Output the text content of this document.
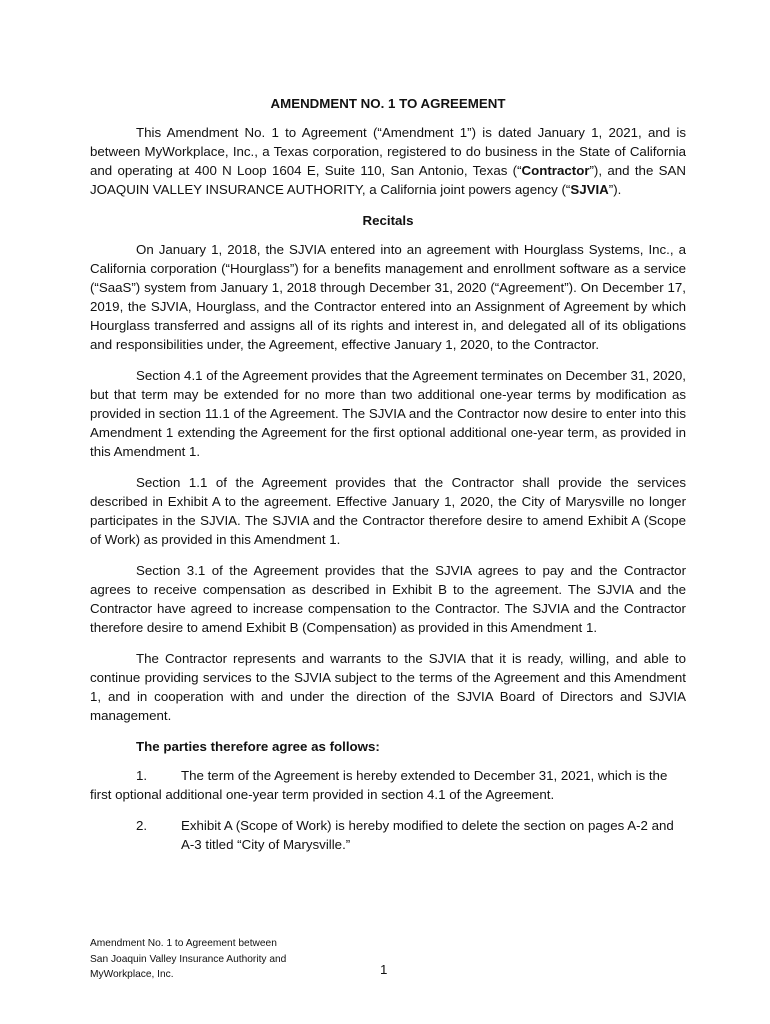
AMENDMENT NO. 1 TO AGREEMENT

This Amendment No. 1 to Agreement (“Amendment 1”) is dated January 1, 2021, and is between MyWorkplace, Inc., a Texas corporation, registered to do business in the State of California and operating at 400 N Loop 1604 E, Suite 110, San Antonio, Texas (“Contractor”), and the SAN JOAQUIN VALLEY INSURANCE AUTHORITY, a California joint powers agency (“SJVIA”).

Recitals

On January 1, 2018, the SJVIA entered into an agreement with Hourglass Systems, Inc., a California corporation (“Hourglass”) for a benefits management and enrollment software as a service (“SaaS”) system from January 1, 2018 through December 31, 2020 (“Agreement”). On December 17, 2019, the SJVIA, Hourglass, and the Contractor entered into an Assignment of Agreement by which Hourglass transferred and assigns all of its rights and interest in, and delegated all of its obligations and responsibilities under, the Agreement, effective January 1, 2020, to the Contractor.

Section 4.1 of the Agreement provides that the Agreement terminates on December 31, 2020, but that term may be extended for no more than two additional one-year terms by modification as provided in section 11.1 of the Agreement. The SJVIA and the Contractor now desire to enter into this Amendment 1 extending the Agreement for the first optional additional one-year term, as provided in this Amendment 1.

Section 1.1 of the Agreement provides that the Contractor shall provide the services described in Exhibit A to the agreement. Effective January 1, 2020, the City of Marysville no longer participates in the SJVIA. The SJVIA and the Contractor therefore desire to amend Exhibit A (Scope of Work) as provided in this Amendment 1.

Section 3.1 of the Agreement provides that the SJVIA agrees to pay and the Contractor agrees to receive compensation as described in Exhibit B to the agreement. The SJVIA and the Contractor have agreed to increase compensation to the Contractor. The SJVIA and the Contractor therefore desire to amend Exhibit B (Compensation) as provided in this Amendment 1.

The Contractor represents and warrants to the SJVIA that it is ready, willing, and able to continue providing services to the SJVIA subject to the terms of the Agreement and this Amendment 1, and in cooperation with and under the direction of the SJVIA Board of Directors and SJVIA management.

The parties therefore agree as follows:
1.	The term of the Agreement is hereby extended to December 31, 2021, which is the first optional additional one-year term provided in section 4.1 of the Agreement.
2.	Exhibit A (Scope of Work) is hereby modified to delete the section on pages A-2 and A-3 titled “City of Marysville.”
Amendment No. 1 to Agreement between
San Joaquin Valley Insurance Authority and
MyWorkplace, Inc.	1
